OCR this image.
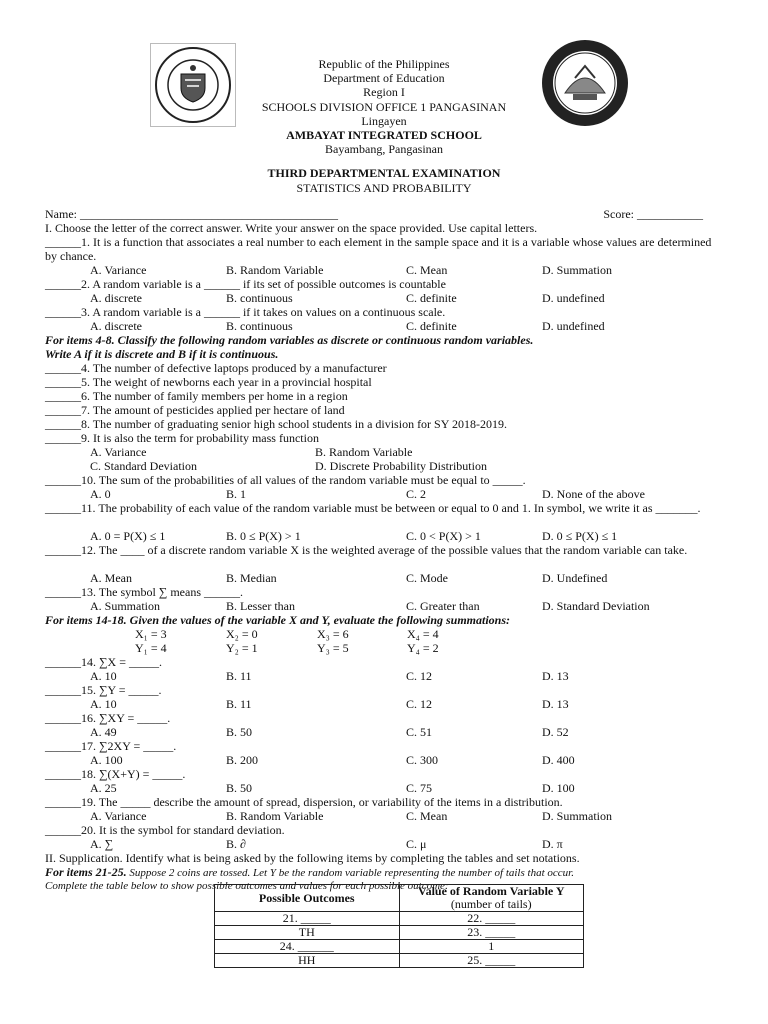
Republic of the Philippines
Department of Education
Region I
SCHOOLS DIVISION OFFICE 1 PANGASINAN
Lingayen
AMBAYAT INTEGRATED SCHOOL
Bayambang, Pangasinan
THIRD DEPARTMENTAL EXAMINATION
STATISTICS AND PROBABILITY
Name: ___________________________________________	Score: ___________
I. Choose the letter of the correct answer. Write your answer on the space provided. Use capital letters.
______1. It is a function that associates a real number to each element in the sample space and it is a variable whose values are determined by chance.
A. Variance	B. Random Variable	C. Mean	D. Summation
______2. A random variable is a ______ if its set of possible outcomes is countable
A. discrete	B. continuous	C. definite	D. undefined
______3. A random variable is a ______ if it takes on values on a continuous scale.
A. discrete	B. continuous	C. definite	D. undefined
For items 4-8. Classify the following random variables as discrete or continuous random variables.
Write A if it is discrete and B if it is continuous.
______4. The number of defective laptops produced by a manufacturer
______5. The weight of newborns each year in a provincial hospital
______6. The number of family members per home in a region
______7. The amount of pesticides applied per hectare of land
______8. The number of graduating senior high school students in a division for SY 2018-2019.
______9. It is also the term for probability mass function
A. Variance	B. Random Variable
C. Standard Deviation	D. Discrete Probability Distribution
______10. The sum of the probabilities of all values of the random variable must be equal to _____.
A. 0	B. 1	C. 2	D. None of the above
______11. The probability of each value of the random variable must be between or equal to 0 and 1. In symbol, we write it as _______.
A. 0 = P(X) ≤ 1	B. 0 ≤ P(X) > 1	C. 0 < P(X) > 1	D. 0 ≤ P(X) ≤ 1
______12. The ____ of a discrete random variable X is the weighted average of the possible values that the random variable can take.
A. Mean	B. Median	C. Mode	D. Undefined
______13. The symbol ∑ means ______.
A. Summation	B. Lesser than	C. Greater than	D. Standard Deviation
For items 14-18. Given the values of the variable X and Y, evaluate the following summations:
X₁ = 3	X₂ = 0	X₃ = 6	X₄ = 4
Y₁ = 4	Y₂ = 1	Y₃ = 5	Y₄ = 2
______14. ∑X = _____.
A. 10	B. 11	C. 12	D. 13
______15. ∑Y = _____.
A. 10	B. 11	C. 12	D. 13
______16. ∑XY = _____.
A. 49	B. 50	C. 51	D. 52
______17. ∑2XY = _____.
A. 100	B. 200	C. 300	D. 400
______18. ∑(X+Y) = _____.
A. 25	B. 50	C. 75	D. 100
______19. The _____ describe the amount of spread, dispersion, or variability of the items in a distribution.
A. Variance	B. Random Variable	C. Mean	D. Summation
______20. It is the symbol for standard deviation.
A. ∑	B. ∂	C. μ	D. π
II. Supplication. Identify what is being asked by the following items by completing the tables and set notations.
For items 21-25. Suppose 2 coins are tossed. Let Y be the random variable representing the number of tails that occur.
Complete the table below to show possible outcomes and values for each possible outcome:
Possible Outcomes	Value of Random Variable Y
(number of tails)

21. _____	22. _____
TH	23. _____
24. ______	1
HH	25. _____
